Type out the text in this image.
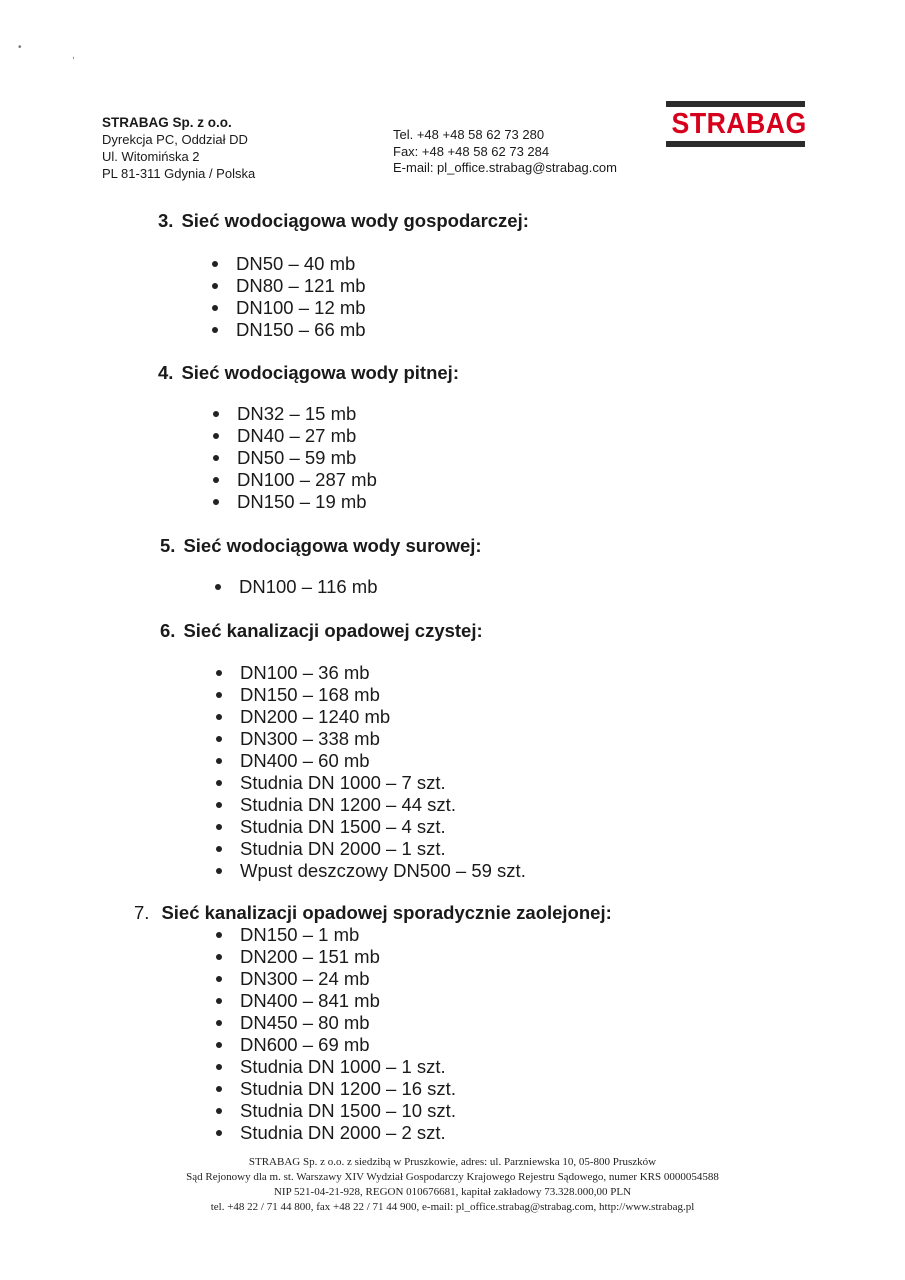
•
,
STRABAG Sp. z o.o.
Dyrekcja PC, Oddział DD
Ul. Witomińska 2
PL 81-311 Gdynia / Polska
Tel. +48 +48 58 62 73 280
Fax: +48 +48 58 62 73 284
E-mail: pl_office.strabag@strabag.com
STRABAG
3. Sieć wodociągowa wody gospodarczej:
DN50 – 40 mb
DN80 – 121 mb
DN100 – 12 mb
DN150 – 66 mb
4. Sieć wodociągowa wody pitnej:
DN32 – 15 mb
DN40 – 27 mb
DN50 – 59 mb
DN100 – 287 mb
DN150 – 19 mb
5. Sieć wodociągowa wody surowej:
DN100 – 116 mb
6. Sieć kanalizacji opadowej czystej:
DN100 – 36 mb
DN150 – 168 mb
DN200 – 1240 mb
DN300 – 338 mb
DN400 – 60 mb
Studnia DN 1000 – 7 szt.
Studnia DN 1200 – 44 szt.
Studnia DN 1500 – 4 szt.
Studnia DN 2000 – 1 szt.
Wpust deszczowy DN500 – 59 szt.
7. Sieć kanalizacji opadowej sporadycznie zaolejonej:
DN150 – 1 mb
DN200 – 151 mb
DN300 – 24 mb
DN400 – 841 mb
DN450 – 80 mb
DN600 – 69 mb
Studnia DN 1000 – 1 szt.
Studnia DN 1200 – 16 szt.
Studnia DN 1500 – 10 szt.
Studnia DN 2000 – 2 szt.
STRABAG Sp. z o.o. z siedzibą w Pruszkowie, adres: ul. Parzniewska 10, 05-800 Pruszków
Sąd Rejonowy dla m. st. Warszawy XIV Wydział Gospodarczy Krajowego Rejestru Sądowego, numer KRS 0000054588
NIP 521-04-21-928, REGON 010676681, kapitał zakładowy 73.328.000,00 PLN
tel. +48 22 / 71 44 800, fax +48 22 / 71 44 900, e-mail: pl_office.strabag@strabag.com, http://www.strabag.pl
